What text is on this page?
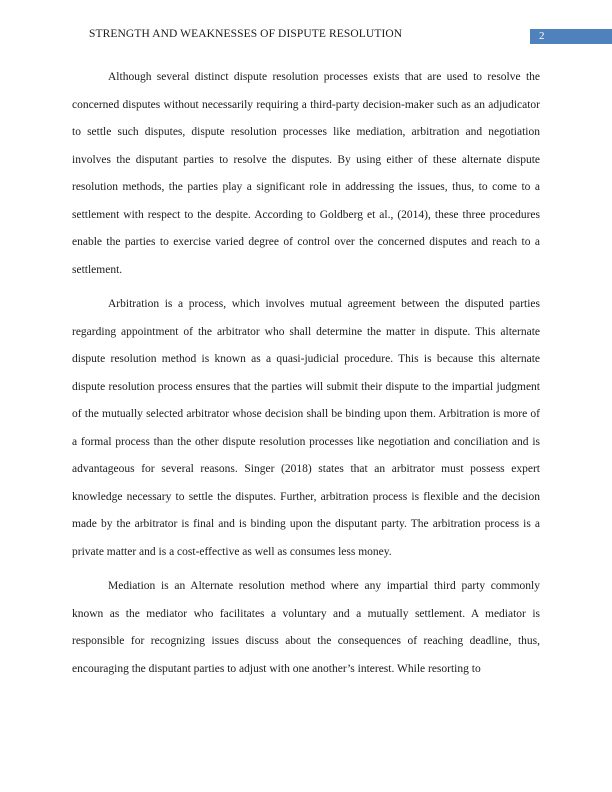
STRENGTH AND WEAKNESSES OF DISPUTE RESOLUTION	2

Although several distinct dispute resolution processes exists that are used to resolve the concerned disputes without necessarily requiring a third-party decision-maker such as an adjudicator to settle such disputes, dispute resolution processes like mediation, arbitration and negotiation involves the disputant parties to resolve the disputes. By using either of these alternate dispute resolution methods, the parties play a significant role in addressing the issues, thus, to come to a settlement with respect to the despite. According to Goldberg et al., (2014), these three procedures enable the parties to exercise varied degree of control over the concerned disputes and reach to a settlement.

Arbitration is a process, which involves mutual agreement between the disputed parties regarding appointment of the arbitrator who shall determine the matter in dispute. This alternate dispute resolution method is known as a quasi-judicial procedure. This is because this alternate dispute resolution process ensures that the parties will submit their dispute to the impartial judgment of the mutually selected arbitrator whose decision shall be binding upon them. Arbitration is more of a formal process than the other dispute resolution processes like negotiation and conciliation and is advantageous for several reasons. Singer (2018) states that an arbitrator must possess expert knowledge necessary to settle the disputes. Further, arbitration process is flexible and the decision made by the arbitrator is final and is binding upon the disputant party. The arbitration process is a private matter and is a cost-effective as well as consumes less money.

Mediation is an Alternate resolution method where any impartial third party commonly known as the mediator who facilitates a voluntary and a mutually settlement. A mediator is responsible for recognizing issues discuss about the consequences of reaching deadline, thus, encouraging the disputant parties to adjust with one another’s interest. While resorting to
